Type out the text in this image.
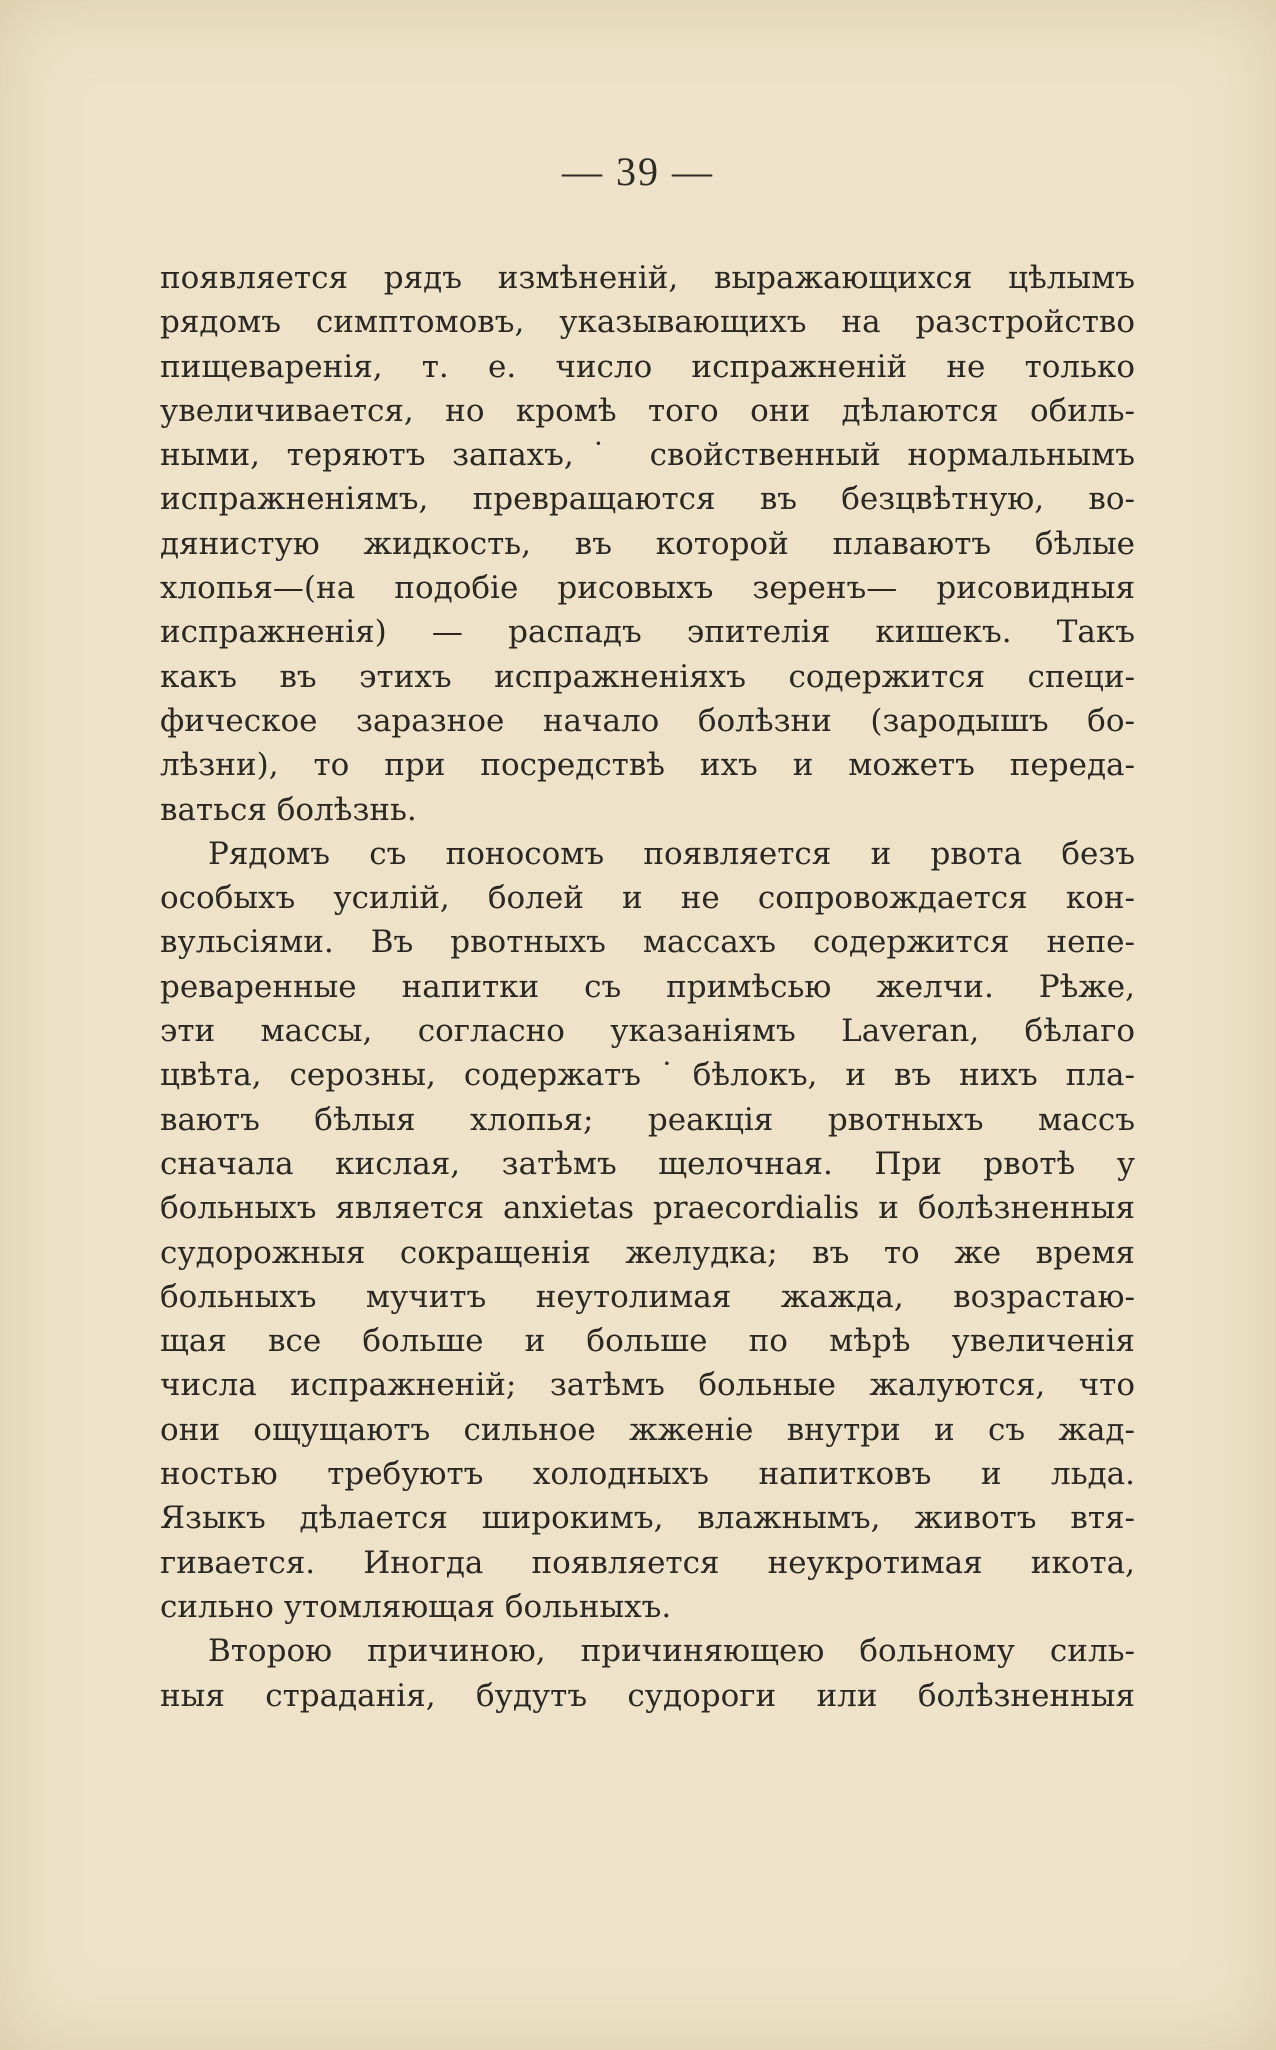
— 39 —
появляется рядъ измѣненій, выражающихся цѣлымъ
рядомъ симптомовъ, указывающихъ на разстройство
пищеваренія, т. е. число испражненій не только
увеличивается, но кромѣ того они дѣлаются обиль-
ными, теряютъ запахъ,˙ свойственный нормальнымъ
испражненіямъ, превращаются въ безцвѣтную, во-
дянистую жидкость, въ которой плаваютъ бѣлые
хлопья—(на подобіе рисовыхъ зеренъ— рисовидныя
испражненія) — распадъ эпителія кишекъ. Такъ
какъ въ этихъ испражненіяхъ содержится специ-
фическое заразное начало болѣзни (зародышъ бо-
лѣзни), то при посредствѣ ихъ и можетъ переда-
ваться болѣзнь.
Рядомъ съ поносомъ появляется и рвота безъ
особыхъ усилій, болей и не сопровождается кон-
вульсіями. Въ рвотныхъ массахъ содержится непе-
реваренные напитки съ примѣсью желчи. Рѣже,
эти массы, согласно указаніямъ Laveran, бѣлаго
цвѣта, серозны, содержатъ˙бѣлокъ, и въ нихъ пла-
ваютъ бѣлыя хлопья; реакція рвотныхъ массъ
сначала кислая, затѣмъ щелочная. При рвотѣ у
больныхъ является anxietas praecordialis и болѣзненныя
судорожныя сокращенія желудка; въ то же время
больныхъ мучитъ неутолимая жажда, возрастаю-
щая все больше и больше по мѣрѣ увеличенія
числа испражненій; затѣмъ больные жалуются, что
они ощущаютъ сильное жженіе внутри и съ жад-
ностью требуютъ холодныхъ напитковъ и льда.
Языкъ дѣлается широкимъ, влажнымъ, животъ втя-
гивается. Иногда появляется неукротимая икота,
сильно утомляющая больныхъ.
Второю причиною, причиняющею больному силь-
ныя страданія, будутъ судороги или болѣзненныя
